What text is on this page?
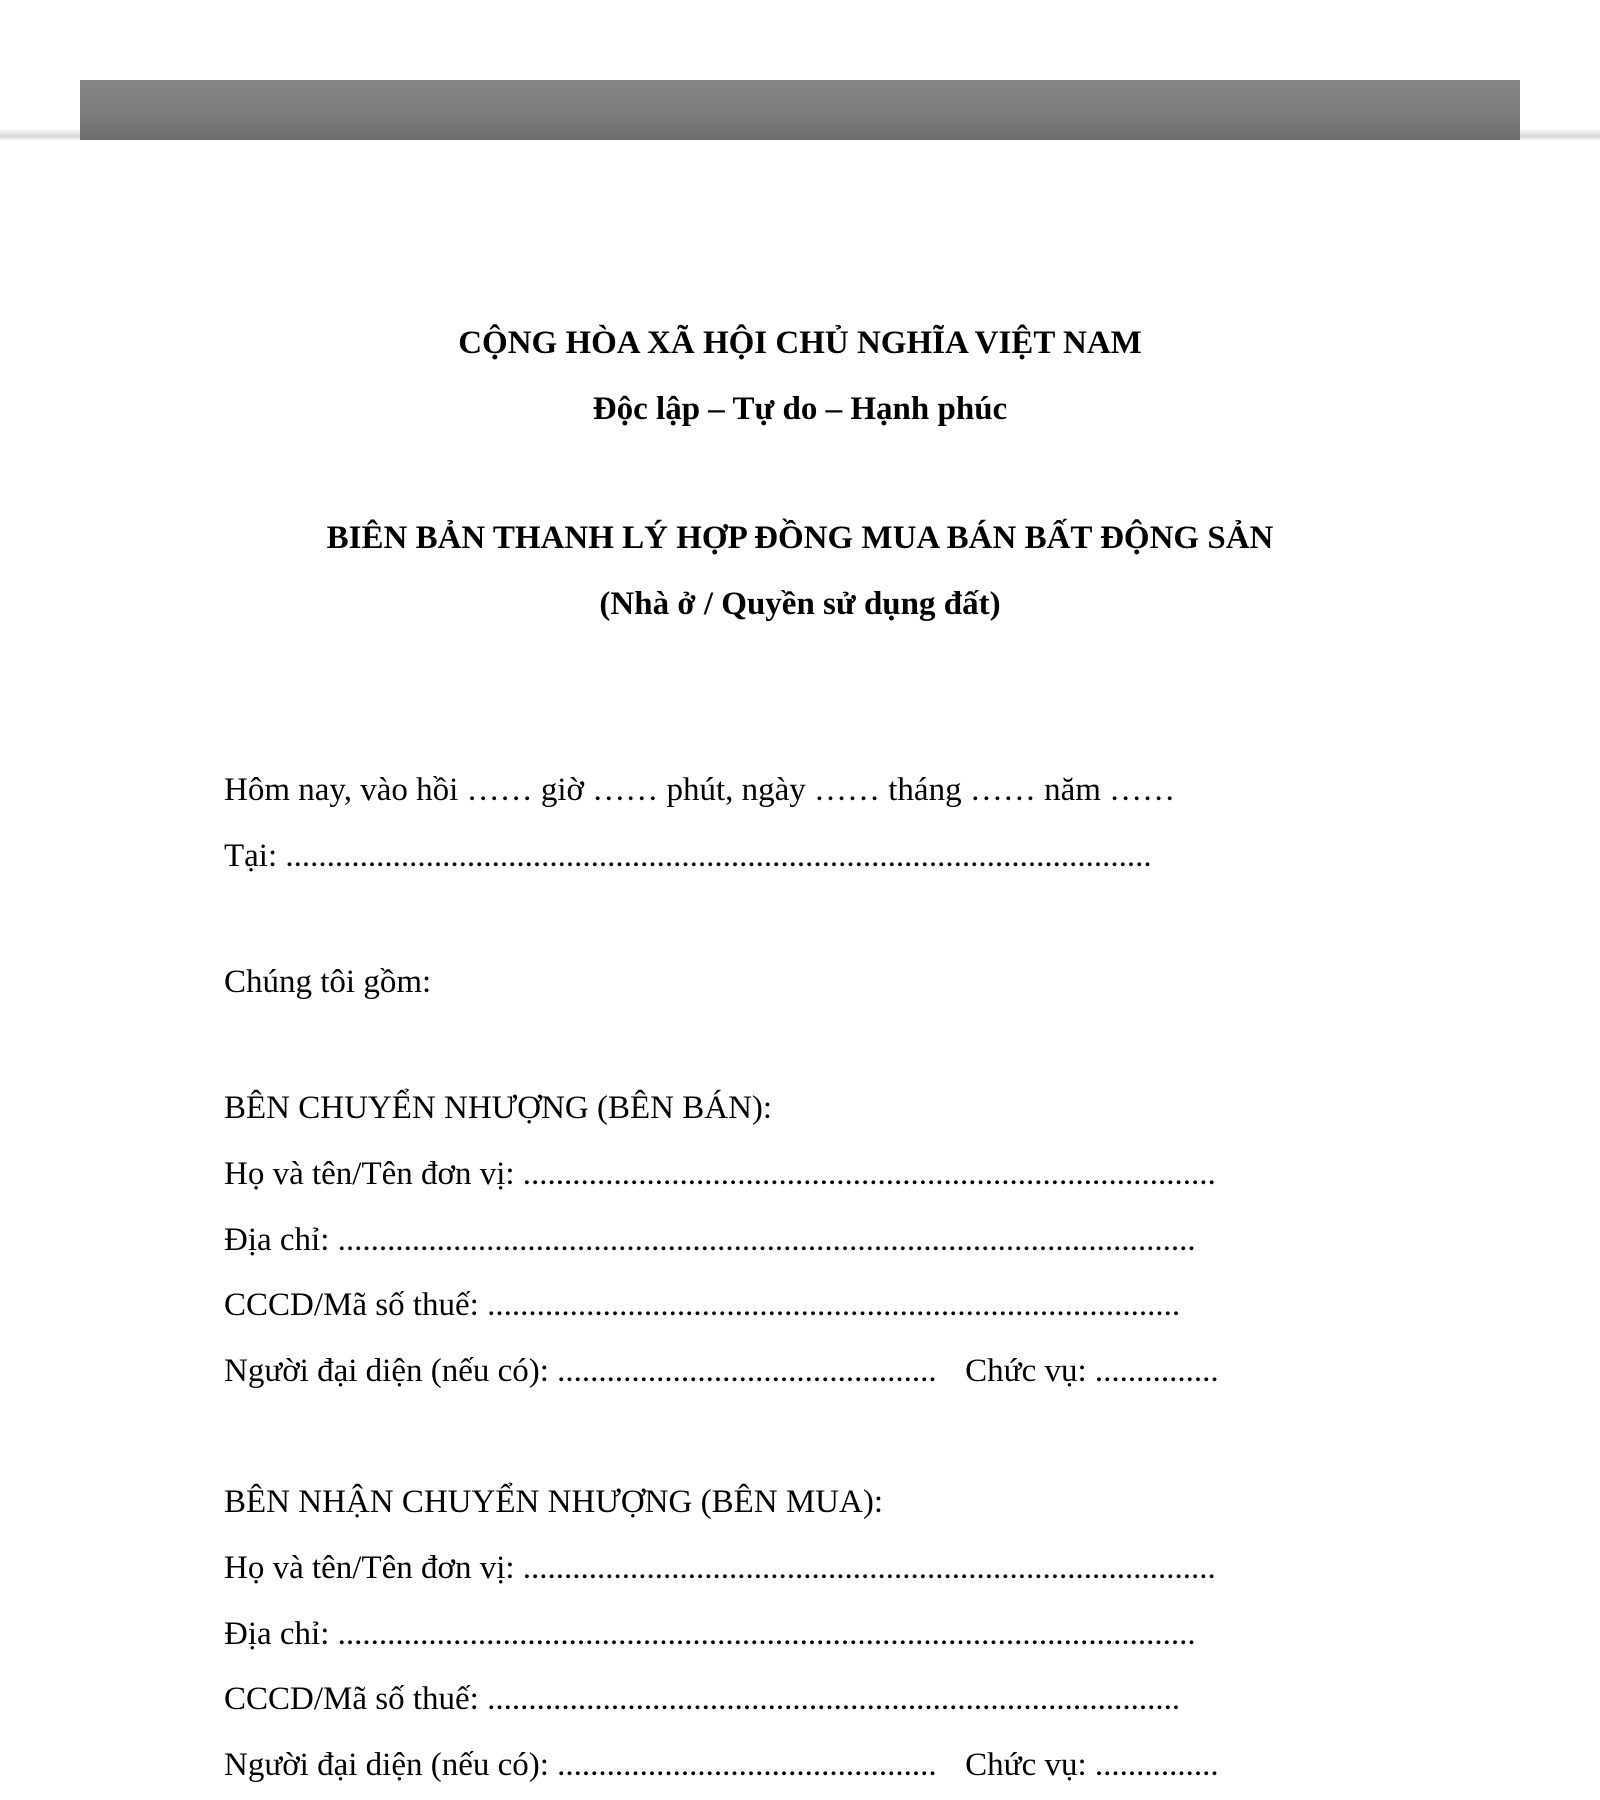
CỘNG HÒA XÃ HỘI CHỦ NGHĨA VIỆT NAM
Độc lập – Tự do – Hạnh phúc
BIÊN BẢN THANH LÝ HỢP ĐỒNG MUA BÁN BẤT ĐỘNG SẢN
(Nhà ở / Quyền sử dụng đất)
Hôm nay, vào hồi …… giờ …… phút, ngày …… tháng …… năm ……
Tại: .........................................................................................................
Chúng tôi gồm:
BÊN CHUYỂN NHƯỢNG (BÊN BÁN):
Họ và tên/Tên đơn vị: ....................................................................................
Địa chỉ: ........................................................................................................
CCCD/Mã số thuế: ....................................................................................
Người đại diện (nếu có): .............................................. Chức vụ: ...............
BÊN NHẬN CHUYỂN NHƯỢNG (BÊN MUA):
Họ và tên/Tên đơn vị: ....................................................................................
Địa chỉ: ........................................................................................................
CCCD/Mã số thuế: ....................................................................................
Người đại diện (nếu có): .............................................. Chức vụ: ...............
